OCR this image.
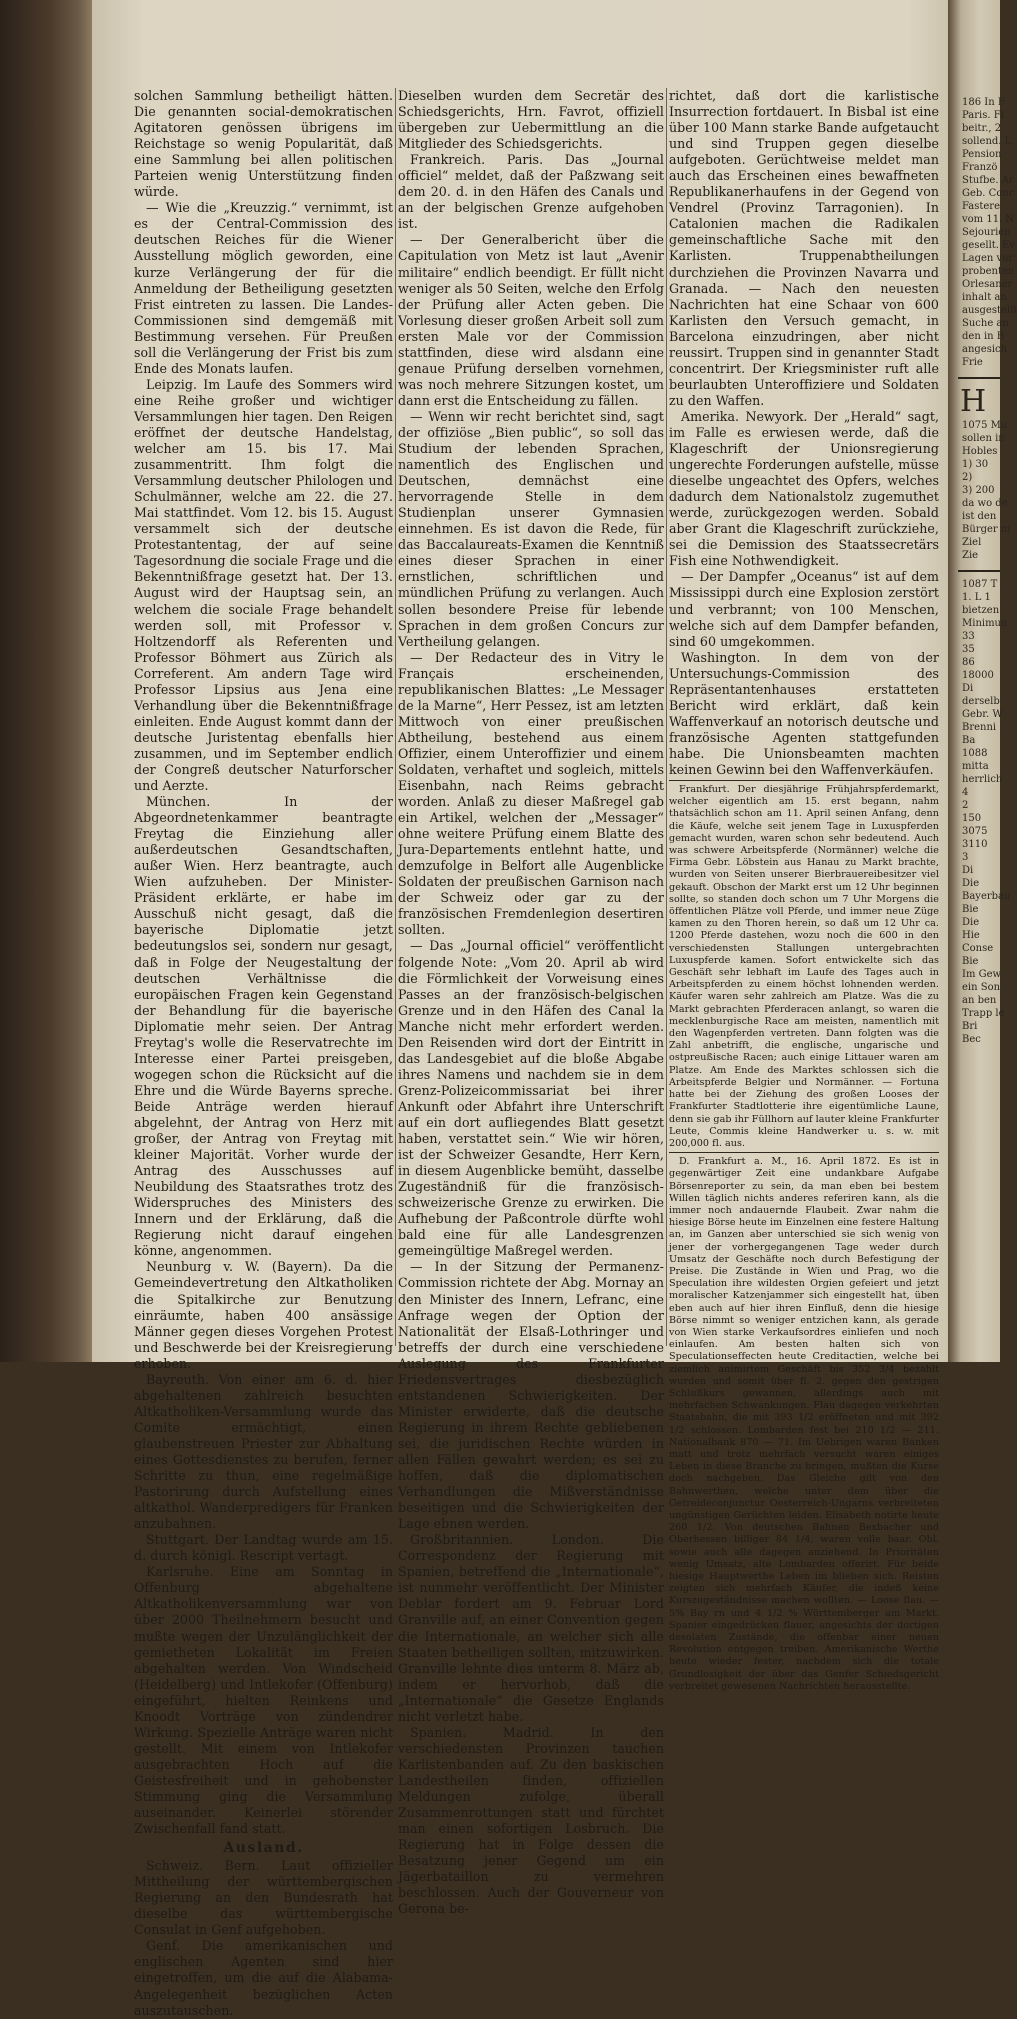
solchen Sammlung betheiligt hätten. Die genannten social-demokratischen Agitatoren genössen übrigens im Reichstage so wenig Popularität, daß eine Sammlung bei allen politischen Parteien wenig Unterstützung finden würde.

— Wie die „Kreuzzig.“ vernimmt, ist es der Central-Commission des deutschen Reiches für die Wiener Ausstellung möglich geworden, eine kurze Verlängerung der für die Anmeldung der Betheiligung gesetzten Frist eintreten zu lassen. Die Landes-Commissionen sind demgemäß mit Bestimmung versehen. Für Preußen soll die Verlängerung der Frist bis zum Ende des Monats laufen.

Leipzig. Im Laufe des Sommers wird eine Reihe großer und wichtiger Versammlungen hier tagen. Den Reigen eröffnet der deutsche Handelstag, welcher am 15. bis 17. Mai zusammentritt. Ihm folgt die Versammlung deutscher Philologen und Schulmänner, welche am 22. die 27. Mai stattfindet. Vom 12. bis 15. August versammelt sich der deutsche Protestantentag, der auf seine Tagesordnung die sociale Frage und die Bekenntnißfrage gesetzt hat. Der 13. August wird der Hauptsag sein, an welchem die sociale Frage behandelt werden soll, mit Professor v. Holtzendorff als Referenten und Professor Böhmert aus Zürich als Correferent. Am andern Tage wird Professor Lipsius aus Jena eine Verhandlung über die Bekenntnißfrage einleiten. Ende August kommt dann der deutsche Juristentag ebenfalls hier zusammen, und im September endlich der Congreß deutscher Naturforscher und Aerzte.

München. In der Abgeordnetenkammer beantragte Freytag die Einziehung aller außerdeutschen Gesandtschaften, außer Wien. Herz beantragte, auch Wien aufzuheben. Der Minister-Präsident erklärte, er habe im Ausschuß nicht gesagt, daß die bayerische Diplomatie jetzt bedeutungslos sei, sondern nur gesagt, daß in Folge der Neugestaltung der deutschen Verhältnisse die europäischen Fragen kein Gegenstand der Behandlung für die bayerische Diplomatie mehr seien. Der Antrag Freytag's wolle die Reservatrechte im Interesse einer Partei preisgeben, wogegen schon die Rücksicht auf die Ehre und die Würde Bayerns spreche. Beide Anträge werden hierauf abgelehnt, der Antrag von Herz mit großer, der Antrag von Freytag mit kleiner Majorität. Vorher wurde der Antrag des Ausschusses auf Neubildung des Staatsrathes trotz des Widerspruches des Ministers des Innern und der Erklärung, daß die Regierung nicht darauf eingehen könne, angenommen.

Neunburg v. W. (Bayern). Da die Gemeindevertretung den Altkatholiken die Spitalkirche zur Benutzung einräumte, haben 400 ansässige Männer gegen dieses Vorgehen Protest und Beschwerde bei der Kreisregierung erhoben.

Bayreuth. Von einer am 6. d. hier abgehaltenen zahlreich besuchten Altkatholiken-Versammlung wurde das Comite ermächtigt, einen glaubenstreuen Priester zur Abhaltung eines Gottesdienstes zu berufen, ferner Schritte zu thun, eine regelmäßige Pastorirung durch Aufstellung eines altkathol. Wanderpredigers für Franken anzubahnen.

Stuttgart. Der Landtag wurde am 15. d. durch königl. Rescript vertagt.

Karlsruhe. Eine am Sonntag in Offenburg abgehaltene Altkatholikenversammlung war von über 2000 Theilnehmern besucht und mußte wegen der Unzulänglichkeit der gemietheten Lokalität im Freien abgehalten werden. Von Windscheid (Heidelberg) und Intlekofer (Offenburg) eingeführt, hielten Reinkens und Knoodt Vorträge von zündendrer Wirkung. Spezielle Anträge waren nicht gestellt. Mit einem von Intlekofer ausgebrachten Hoch auf die Geistesfreiheit und in gehobenster Stimmung ging die Versammlung auseinander. Keinerlei störender Zwischenfall fand statt.

Ausland.

Schweiz. Bern. Laut offizieller Mittheilung der württembergischen Regierung an den Bundesrath hat dieselbe das württembergische Consulat in Genf aufgehoben.

Genf. Die amerikanischen und englischen Agenten sind hier eingetroffen, um die auf die Alabama-Angelegenheit bezüglichen Acten auszutauschen.

Dieselben wurden dem Secretär des Schiedsgerichts, Hrn. Favrot, offiziell übergeben zur Uebermittlung an die Mitglieder des Schiedsgerichts.

Frankreich. Paris. Das „Journal officiel“ meldet, daß der Paßzwang seit dem 20. d. in den Häfen des Canals und an der belgischen Grenze aufgehoben ist.

— Der Generalbericht über die Capitulation von Metz ist laut „Avenir militaire“ endlich beendigt. Er füllt nicht weniger als 50 Seiten, welche den Erfolg der Prüfung aller Acten geben. Die Vorlesung dieser großen Arbeit soll zum ersten Male vor der Commission stattfinden, diese wird alsdann eine genaue Prüfung derselben vornehmen, was noch mehrere Sitzungen kostet, um dann erst die Entscheidung zu fällen.

— Wenn wir recht berichtet sind, sagt der offiziöse „Bien public“, so soll das Studium der lebenden Sprachen, namentlich des Englischen und Deutschen, demnächst eine hervorragende Stelle in dem Studienplan unserer Gymnasien einnehmen. Es ist davon die Rede, für das Baccalaureats-Examen die Kenntniß eines dieser Sprachen in einer ernstlichen, schriftlichen und mündlichen Prüfung zu verlangen. Auch sollen besondere Preise für lebende Sprachen in dem großen Concurs zur Vertheilung gelangen.

— Der Redacteur des in Vitry le Français erscheinenden, republikanischen Blattes: „Le Messager de la Marne“, Herr Pessez, ist am letzten Mittwoch von einer preußischen Abtheilung, bestehend aus einem Offizier, einem Unteroffizier und einem Soldaten, verhaftet und sogleich, mittels Eisenbahn, nach Reims gebracht worden. Anlaß zu dieser Maßregel gab ein Artikel, welchen der „Messager“ ohne weitere Prüfung einem Blatte des Jura-Departements entlehnt hatte, und demzufolge in Belfort alle Augenblicke Soldaten der preußischen Garnison nach der Schweiz oder gar zu der französischen Fremdenlegion desertiren sollten.

— Das „Journal officiel“ veröffentlicht folgende Note: „Vom 20. April ab wird die Förmlichkeit der Vorweisung eines Passes an der französisch-belgischen Grenze und in den Häfen des Canal la Manche nicht mehr erfordert werden. Den Reisenden wird dort der Eintritt in das Landesgebiet auf die bloße Abgabe ihres Namens und nachdem sie in dem Grenz-Polizeicommissariat bei ihrer Ankunft oder Abfahrt ihre Unterschrift auf ein dort aufliegendes Blatt gesetzt haben, verstattet sein.“ Wie wir hören, ist der Schweizer Gesandte, Herr Kern, in diesem Augenblicke bemüht, dasselbe Zugeständniß für die französisch-schweizerische Grenze zu erwirken. Die Aufhebung der Paßcontrole dürfte wohl bald eine für alle Landesgrenzen gemeingültige Maßregel werden.

— In der Sitzung der Permanenz-Commission richtete der Abg. Mornay an den Minister des Innern, Lefranc, eine Anfrage wegen der Option der Nationalität der Elsaß-Lothringer und betreffs der durch eine verschiedene Auslegung des Frankfurter Friedensvertrages diesbezüglich entstandenen Schwierigkeiten. Der Minister erwiderte, daß die deutsche Regierung in ihrem Rechte gebliebenen sei, die juridischen Rechte würden in allen Fällen gewahrt werden; es sei zu hoffen, daß die diplomatischen Verhandlungen die Mißverständnisse beseitigen und die Schwierigkeiten der Lage ebnen werden.

Großbritannien. London. Die Correspondenz der Regierung mit Spanien, betreffend die „Internationale“, ist nunmehr veröffentlicht. Der Minister Deblar fordert am 9. Februar Lord Granville auf, an einer Convention gegen die Internationale, an welcher sich alle Staaten betheiligen sollten, mitzuwirken. Granville lehnte dies unterm 8. März ab, indem er hervorhob, daß die „Internationale“ die Gesetze Englands nicht verletzt habe.

Spanien. Madrid. In den verschiedensten Provinzen tauchen Karlistenbanden auf. Zu den baskischen Landestheilen finden, offiziellen Meldungen zufolge, überall Zusammenrottungen statt und fürchtet man einen sofortigen Losbruch. Die Regierung hat in Folge dessen die Besatzung jener Gegend um ein Jägerbataillon zu vermehren beschlossen. Auch der Gouverneur von Gerona be-

richtet, daß dort die karlistische Insurrection fortdauert. In Bisbal ist eine über 100 Mann starke Bande aufgetaucht und sind Truppen gegen dieselbe aufgeboten. Gerüchtweise meldet man auch das Erscheinen eines bewaffneten Republikanerhaufens in der Gegend von Vendrel (Provinz Tarragonien). In Catalonien machen die Radikalen gemeinschaftliche Sache mit den Karlisten. Truppenabtheilungen durchziehen die Provinzen Navarra und Granada. — Nach den neuesten Nachrichten hat eine Schaar von 600 Karlisten den Versuch gemacht, in Barcelona einzudringen, aber nicht reussirt. Truppen sind in genannter Stadt concentrirt. Der Kriegsminister ruft alle beurlaubten Unteroffiziere und Soldaten zu den Waffen.

Amerika. Newyork. Der „Herald“ sagt, im Falle es erwiesen werde, daß die Klageschrift der Unionsregierung ungerechte Forderungen aufstelle, müsse dieselbe ungeachtet des Opfers, welches dadurch dem Nationalstolz zugemuthet werde, zurückgezogen werden. Sobald aber Grant die Klageschrift zurückziehe, sei die Demission des Staatssecretärs Fish eine Nothwendigkeit.

— Der Dampfer „Oceanus“ ist auf dem Mississippi durch eine Explosion zerstört und verbrannt; von 100 Menschen, welche sich auf dem Dampfer befanden, sind 60 umgekommen.

Washington. In dem von der Untersuchungs-Commission des Repräsentantenhauses erstatteten Bericht wird erklärt, daß kein Waffenverkauf an notorisch deutsche und französische Agenten stattgefunden habe. Die Unionsbeamten machten keinen Gewinn bei den Waffenverkäufen.

Frankfurt. Der diesjährige Frühjahrspferdemarkt, welcher eigentlich am 15. erst begann, nahm thatsächlich schon am 11. April seinen Anfang, denn die Käufe, welche seit jenem Tage in Luxuspferden gemacht wurden, waren schon sehr bedeutend. Auch was schwere Arbeitspferde (Normänner) welche die Firma Gebr. Löbstein aus Hanau zu Markt brachte, wurden von Seiten unserer Bierbrauereibesitzer viel gekauft. Obschon der Markt erst um 12 Uhr beginnen sollte, so standen doch schon um 7 Uhr Morgens die öffentlichen Plätze voll Pferde, und immer neue Züge kamen zu den Thoren herein, so daß um 12 Uhr ca. 1200 Pferde dastehen, wozu noch die 600 in den verschiedensten Stallungen untergebrachten Luxuspferde kamen. Sofort entwickelte sich das Geschäft sehr lebhaft im Laufe des Tages auch in Arbeitspferden zu einem höchst lohnenden werden. Käufer waren sehr zahlreich am Platze. Was die zu Markt gebrachten Pferderacen anlangt, so waren die mecklenburgische Race am meisten, namentlich mit den Wagenpferden vertreten. Dann folgten was die Zahl anbetrifft, die englische, ungarische und ostpreußische Racen; auch einige Littauer waren am Platze. Am Ende des Marktes schlossen sich die Arbeitspferde Belgier und Normänner. — Fortuna hatte bei der Ziehung des großen Looses der Frankfurter Stadtlotterie ihre eigentümliche Laune, denn sie gab ihr Füllhorn auf lauter kleine Frankfurter Leute, Commis kleine Handwerker u. s. w. mit 200,000 fl. aus.

D. Frankfurt a. M., 16. April 1872. Es ist in gegenwärtiger Zeit eine undankbare Aufgabe Börsenreporter zu sein, da man eben bei bestem Willen täglich nichts anderes referiren kann, als die immer noch andauernde Flaubeit. Zwar nahm die hiesige Börse heute im Einzelnen eine festere Haltung an, im Ganzen aber unterschied sie sich wenig von jener der vorhergegangenen Tage weder durch Umsatz der Geschäfte noch durch Befestigung der Preise. Die Zustände in Wien und Prag, wo die Speculation ihre wildesten Orgien gefeiert und jetzt moralischer Katzenjammer sich eingestellt hat, üben eben auch auf hier ihren Einfluß, denn die hiesige Börse nimmt so weniger entzichen kann, als gerade von Wien starke Verkaufsordres einliefen und noch einlaufen. Am besten halten sich von Speculationseffecten heute Creditactien, welche bei ziemlich animirtem Geschäft bis 352 3/4 bezahlt wurden und somit über fl. 2. gegen den gestrigen Schlußkurs gewannen, allerdings auch mit mehrfachen Schwankungen. Flau dagegen verkehrten Staatsbahn, die mit 393 1/2 eröffneten und mit 392 1/2 schlossen. Lombarden fest bei 210 1/2 — 211. Nationalbank 870 — 71. Im Uebrigen waren Banken matt und trotz mehrfach versucht waren einiges Leben in diese Branche zu bringen, mußten die Kurse doch nachgeben. Das Gleiche gilt von den Bahnwerthen, welche unter dem über die Getreideconjunctur Oesterreich-Ungarns verbreiteten ungünstigen Gerüchten leiden. Elisabeth notirte heute 260 1/2. Von deutschen Bahnen Bexbacher und Oberhessen billiger 84 1/4, waren volle baar. Obl. sowie auch alle dagegen anziehend. In Prioritäten wenig Umsatz, alte Lombarden offerirt. Für beide hiesige Hauptwerthe Leben im blieben sich. Reisten zeigten sich mehrfach Käufer, die indeß keine Kurszugeständnisse machen wollten. — Loose flau. — 5% Bay rn und 4 1/2 % Württemberger am Markt. Spanier eingedrücken flauer, angesichts der dortigen desolaten Zustände, die offenbar einer neuen Revolution entgegen treiben. Amerikanische Werthe heute wieder fester, nachdem sich die totale Grundlosigkeit der über das Genfer Schiedsgericht verbreitet gewesenen Nachrichten herausstellte.

186 In F
Paris. Fl
beitr., 2
sollend. L
Pension
Franzö
Stufbe. Ar
Geb. Conr
Fastere
vom 11. N
Sejourien
gesellt. Ev
Lagen vor
probenten
Orlesaner
inhalt an
ausgestellt
Suche an
den in B
angesich
Frie
H
1075 Mu
sollen in
Hobles
1) 30
2)
3) 200
da wo de
ist den
Bürger m
Ziel
Zie
1087 T
1. L 1
bietzen
Minimun
33
35
86
18000
Di
derselb
Gebr. W
Brenni
Ba
1088
mitta
herrlich
4
2
150
3075
3110
3
Di
Die
Bayerbau
Bie
Die
Hie
Conse
Bie
Im Gew
ein Son
an ben
Trapp le
Bri
Bec
